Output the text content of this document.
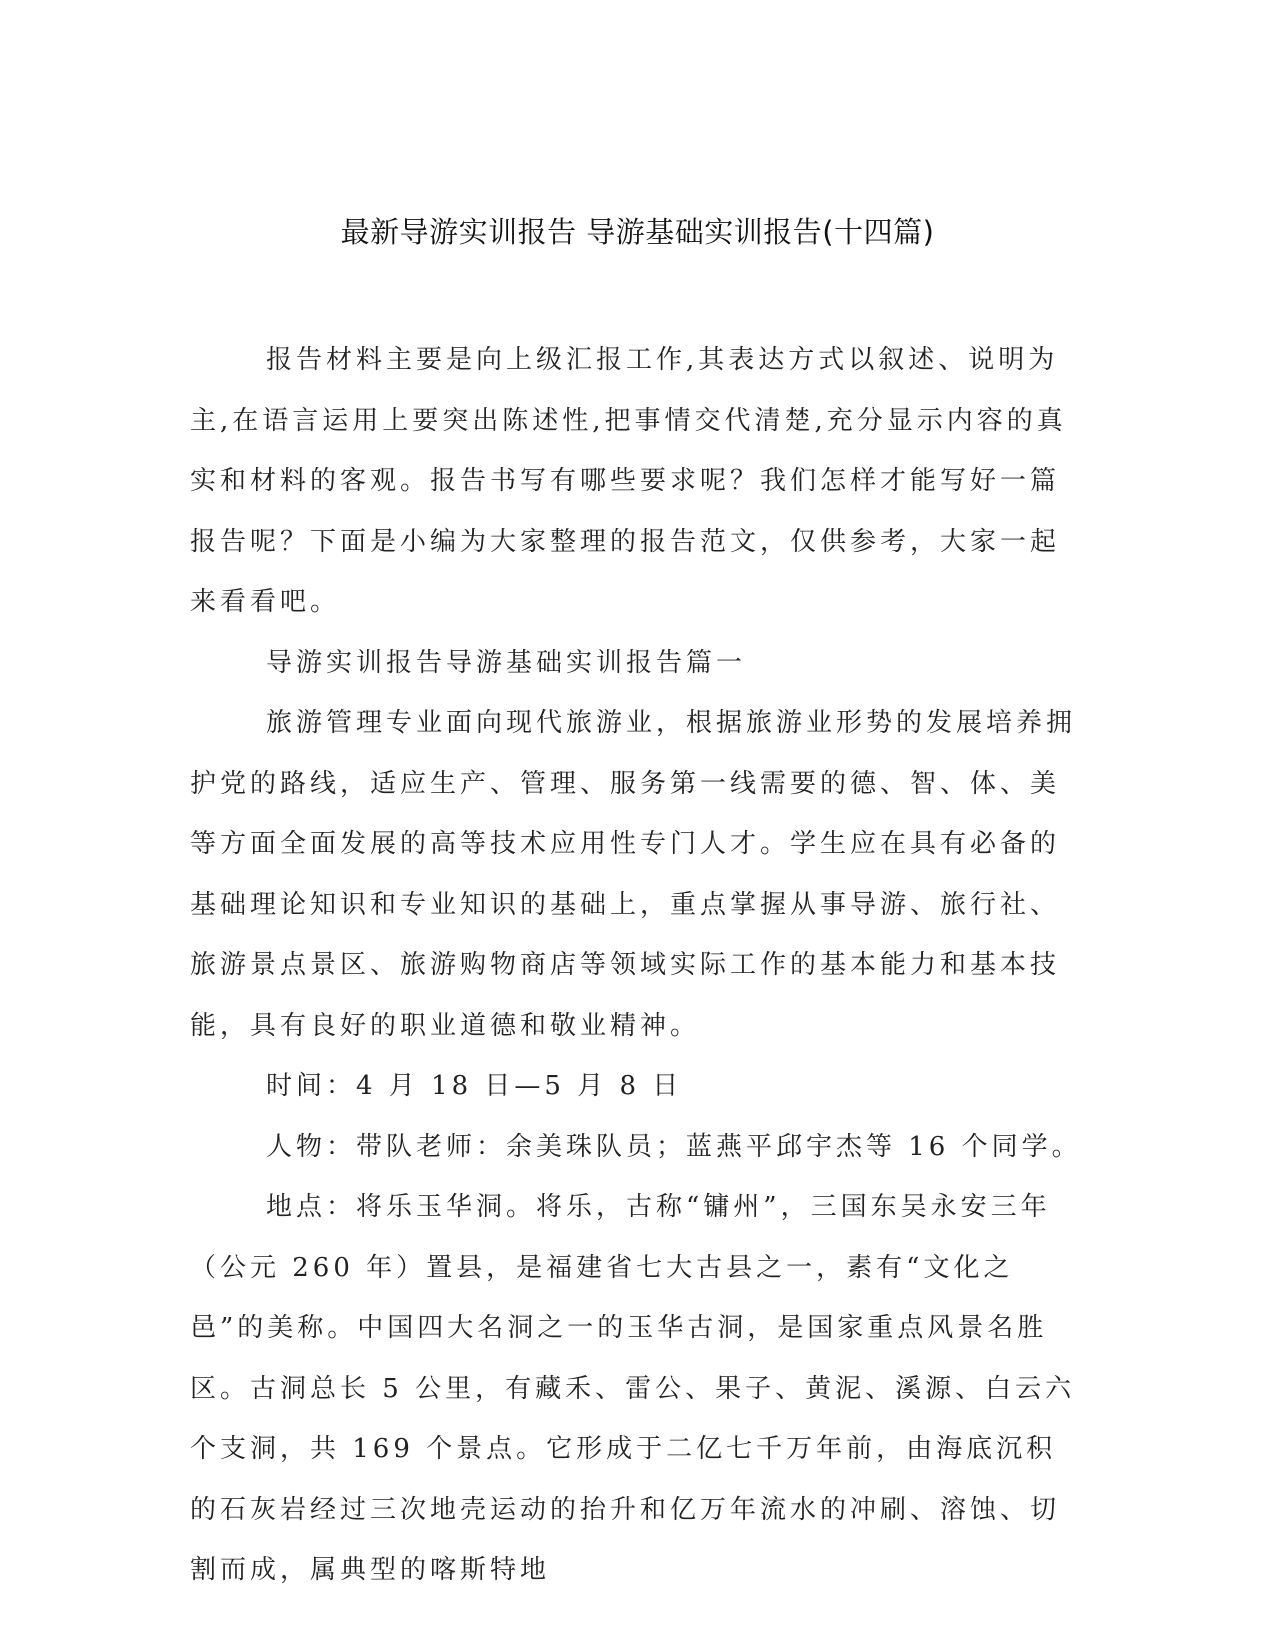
最新导游实训报告 导游基础实训报告(十四篇)

报告材料主要是向上级汇报工作,其表达方式以叙述、说明为主,在语言运用上要突出陈述性,把事情交代清楚,充分显示内容的真实和材料的客观。报告书写有哪些要求呢？我们怎样才能写好一篇报告呢？下面是小编为大家整理的报告范文，仅供参考，大家一起来看看吧。

导游实训报告导游基础实训报告篇一

旅游管理专业面向现代旅游业，根据旅游业形势的发展培养拥护党的路线，适应生产、管理、服务第一线需要的德、智、体、美等方面全面发展的高等技术应用性专门人才。学生应在具有必备的基础理论知识和专业知识的基础上，重点掌握从事导游、旅行社、旅游景点景区、旅游购物商店等领域实际工作的基本能力和基本技能，具有良好的职业道德和敬业精神。

时间：4 月 18 日—5 月 8 日

人物：带队老师：余美珠队员；蓝燕平邱宇杰等 16 个同学。

地点：将乐玉华洞。将乐，古称“镛州”，三国东吴永安三年（公元 260 年）置县，是福建省七大古县之一，素有“文化之邑”的美称。中国四大名洞之一的玉华古洞，是国家重点风景名胜区。古洞总长 5 公里，有藏禾、雷公、果子、黄泥、溪源、白云六个支洞，共 169 个景点。它形成于二亿七千万年前，由海底沉积的石灰岩经过三次地壳运动的抬升和亿万年流水的冲刷、溶蚀、切割而成，属典型的喀斯特地
